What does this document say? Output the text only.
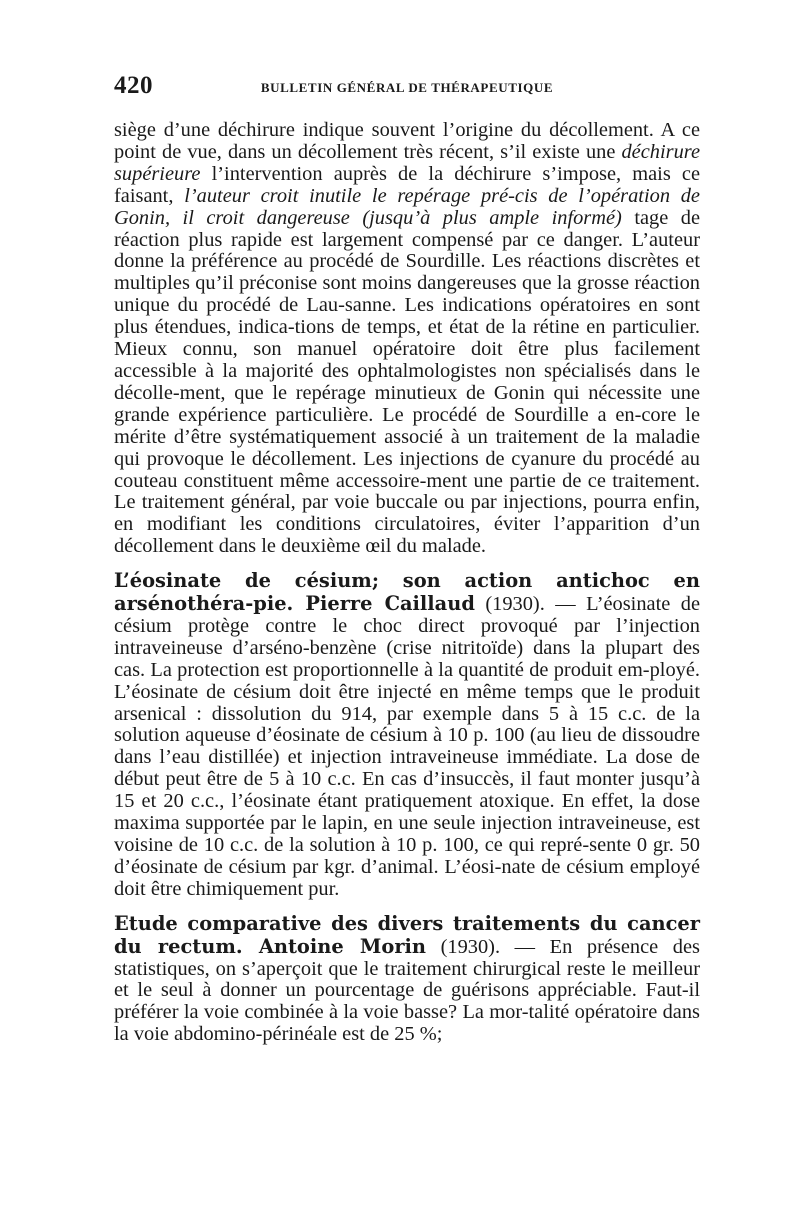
420	BULLETIN GÉNÉRAL DE THÉRAPEUTIQUE

siège d’une déchirure indique souvent l’origine du décollement. A ce point de vue, dans un décollement très récent, s’il existe une déchirure supérieure l’intervention auprès de la déchirure s’impose, mais ce faisant, l’auteur croit inutile le repérage pré-cis de l’opération de Gonin, il croit dangereuse (jusqu’à plus ample informé) tage de réaction plus rapide est largement compensé par ce danger. L’auteur donne la préférence au procédé de Sourdille. Les réactions discrètes et multiples qu’il préconise sont moins dangereuses que la grosse réaction unique du procédé de Lau-sanne. Les indications opératoires en sont plus étendues, indica-tions de temps, et état de la rétine en particulier. Mieux connu, son manuel opératoire doit être plus facilement accessible à la majorité des ophtalmologistes non spécialisés dans le décolle-ment, que le repérage minutieux de Gonin qui nécessite une grande expérience particulière. Le procédé de Sourdille a en-core le mérite d’être systématiquement associé à un traitement de la maladie qui provoque le décollement. Les injections de cyanure du procédé au couteau constituent même accessoire-ment une partie de ce traitement. Le traitement général, par voie buccale ou par injections, pourra enfin, en modifiant les conditions circulatoires, éviter l’apparition d’un décollement dans le deuxième œil du malade.

L’éosinate de césium; son action antichoc en arsénothéra-pie. Pierre Caillaud (1930). — L’éosinate de césium protège contre le choc direct provoqué par l’injection intraveineuse d’arséno-benzène (crise nitritoïde) dans la plupart des cas. La protection est proportionnelle à la quantité de produit em-ployé. L’éosinate de césium doit être injecté en même temps que le produit arsenical : dissolution du 914, par exemple dans 5 à 15 c.c. de la solution aqueuse d’éosinate de césium à 10 p. 100 (au lieu de dissoudre dans l’eau distillée) et injection intraveineuse immédiate. La dose de début peut être de 5 à 10 c.c. En cas d’insuccès, il faut monter jusqu’à 15 et 20 c.c., l’éosinate étant pratiquement atoxique. En effet, la dose maxima supportée par le lapin, en une seule injection intraveineuse, est voisine de 10 c.c. de la solution à 10 p. 100, ce qui repré-sente 0 gr. 50 d’éosinate de césium par kgr. d’animal. L’éosi-nate de césium employé doit être chimiquement pur.

Etude comparative des divers traitements du cancer du rectum. Antoine Morin (1930). — En présence des statistiques, on s’aperçoit que le traitement chirurgical reste le meilleur et le seul à donner un pourcentage de guérisons appréciable. Faut-il préférer la voie combinée à la voie basse? La mor-talité opératoire dans la voie abdomino-périnéale est de 25 %;
